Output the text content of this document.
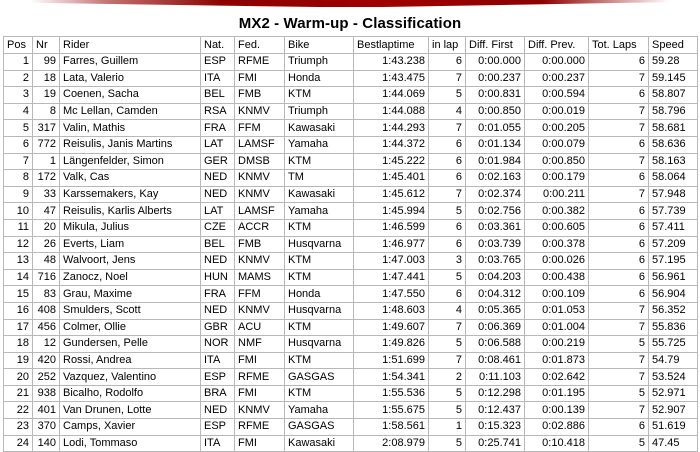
MX2 - Warm-up - Classification
Pos	Nr	Rider	Nat.	Fed.	Bike	Bestlaptime	in lap	Diff. First	Diff. Prev.	Tot. Laps	Speed
1	99	Farres, Guillem	ESP	RFME	Triumph	1:43.238	6	0:00.000	0:00.000	6	59.28
2	18	Lata, Valerio	ITA	FMI	Honda	1:43.475	7	0:00.237	0:00.237	7	59.145
3	19	Coenen, Sacha	BEL	FMB	KTM	1:44.069	5	0:00.831	0:00.594	6	58.807
4	8	Mc Lellan, Camden	RSA	KNMV	Triumph	1:44.088	4	0:00.850	0:00.019	7	58.796
5	317	Valin, Mathis	FRA	FFM	Kawasaki	1:44.293	7	0:01.055	0:00.205	7	58.681
6	772	Reisulis, Janis Martins	LAT	LAMSF	Yamaha	1:44.372	6	0:01.134	0:00.079	6	58.636
7	1	Längenfelder, Simon	GER	DMSB	KTM	1:45.222	6	0:01.984	0:00.850	7	58.163
8	172	Valk, Cas	NED	KNMV	TM	1:45.401	6	0:02.163	0:00.179	6	58.064
9	33	Karssemakers, Kay	NED	KNMV	Kawasaki	1:45.612	7	0:02.374	0:00.211	7	57.948
10	47	Reisulis, Karlis Alberts	LAT	LAMSF	Yamaha	1:45.994	5	0:02.756	0:00.382	6	57.739
11	20	Mikula, Julius	CZE	ACCR	KTM	1:46.599	6	0:03.361	0:00.605	6	57.411
12	26	Everts, Liam	BEL	FMB	Husqvarna	1:46.977	6	0:03.739	0:00.378	6	57.209
13	48	Walvoort, Jens	NED	KNMV	KTM	1:47.003	3	0:03.765	0:00.026	6	57.195
14	716	Zanocz, Noel	HUN	MAMS	KTM	1:47.441	5	0:04.203	0:00.438	6	56.961
15	83	Grau, Maxime	FRA	FFM	Honda	1:47.550	6	0:04.312	0:00.109	6	56.904
16	408	Smulders, Scott	NED	KNMV	Husqvarna	1:48.603	4	0:05.365	0:01.053	7	56.352
17	456	Colmer, Ollie	GBR	ACU	KTM	1:49.607	7	0:06.369	0:01.004	7	55.836
18	12	Gundersen, Pelle	NOR	NMF	Husqvarna	1:49.826	5	0:06.588	0:00.219	5	55.725
19	420	Rossi, Andrea	ITA	FMI	KTM	1:51.699	7	0:08.461	0:01.873	7	54.79
20	252	Vazquez, Valentino	ESP	RFME	GASGAS	1:54.341	2	0:11.103	0:02.642	7	53.524
21	938	Bicalho, Rodolfo	BRA	FMI	KTM	1:55.536	5	0:12.298	0:01.195	5	52.971
22	401	Van Drunen, Lotte	NED	KNMV	Yamaha	1:55.675	5	0:12.437	0:00.139	7	52.907
23	370	Camps, Xavier	ESP	RFME	GASGAS	1:58.561	1	0:15.323	0:02.886	6	51.619
24	140	Lodi, Tommaso	ITA	FMI	Kawasaki	2:08.979	5	0:25.741	0:10.418	5	47.45
